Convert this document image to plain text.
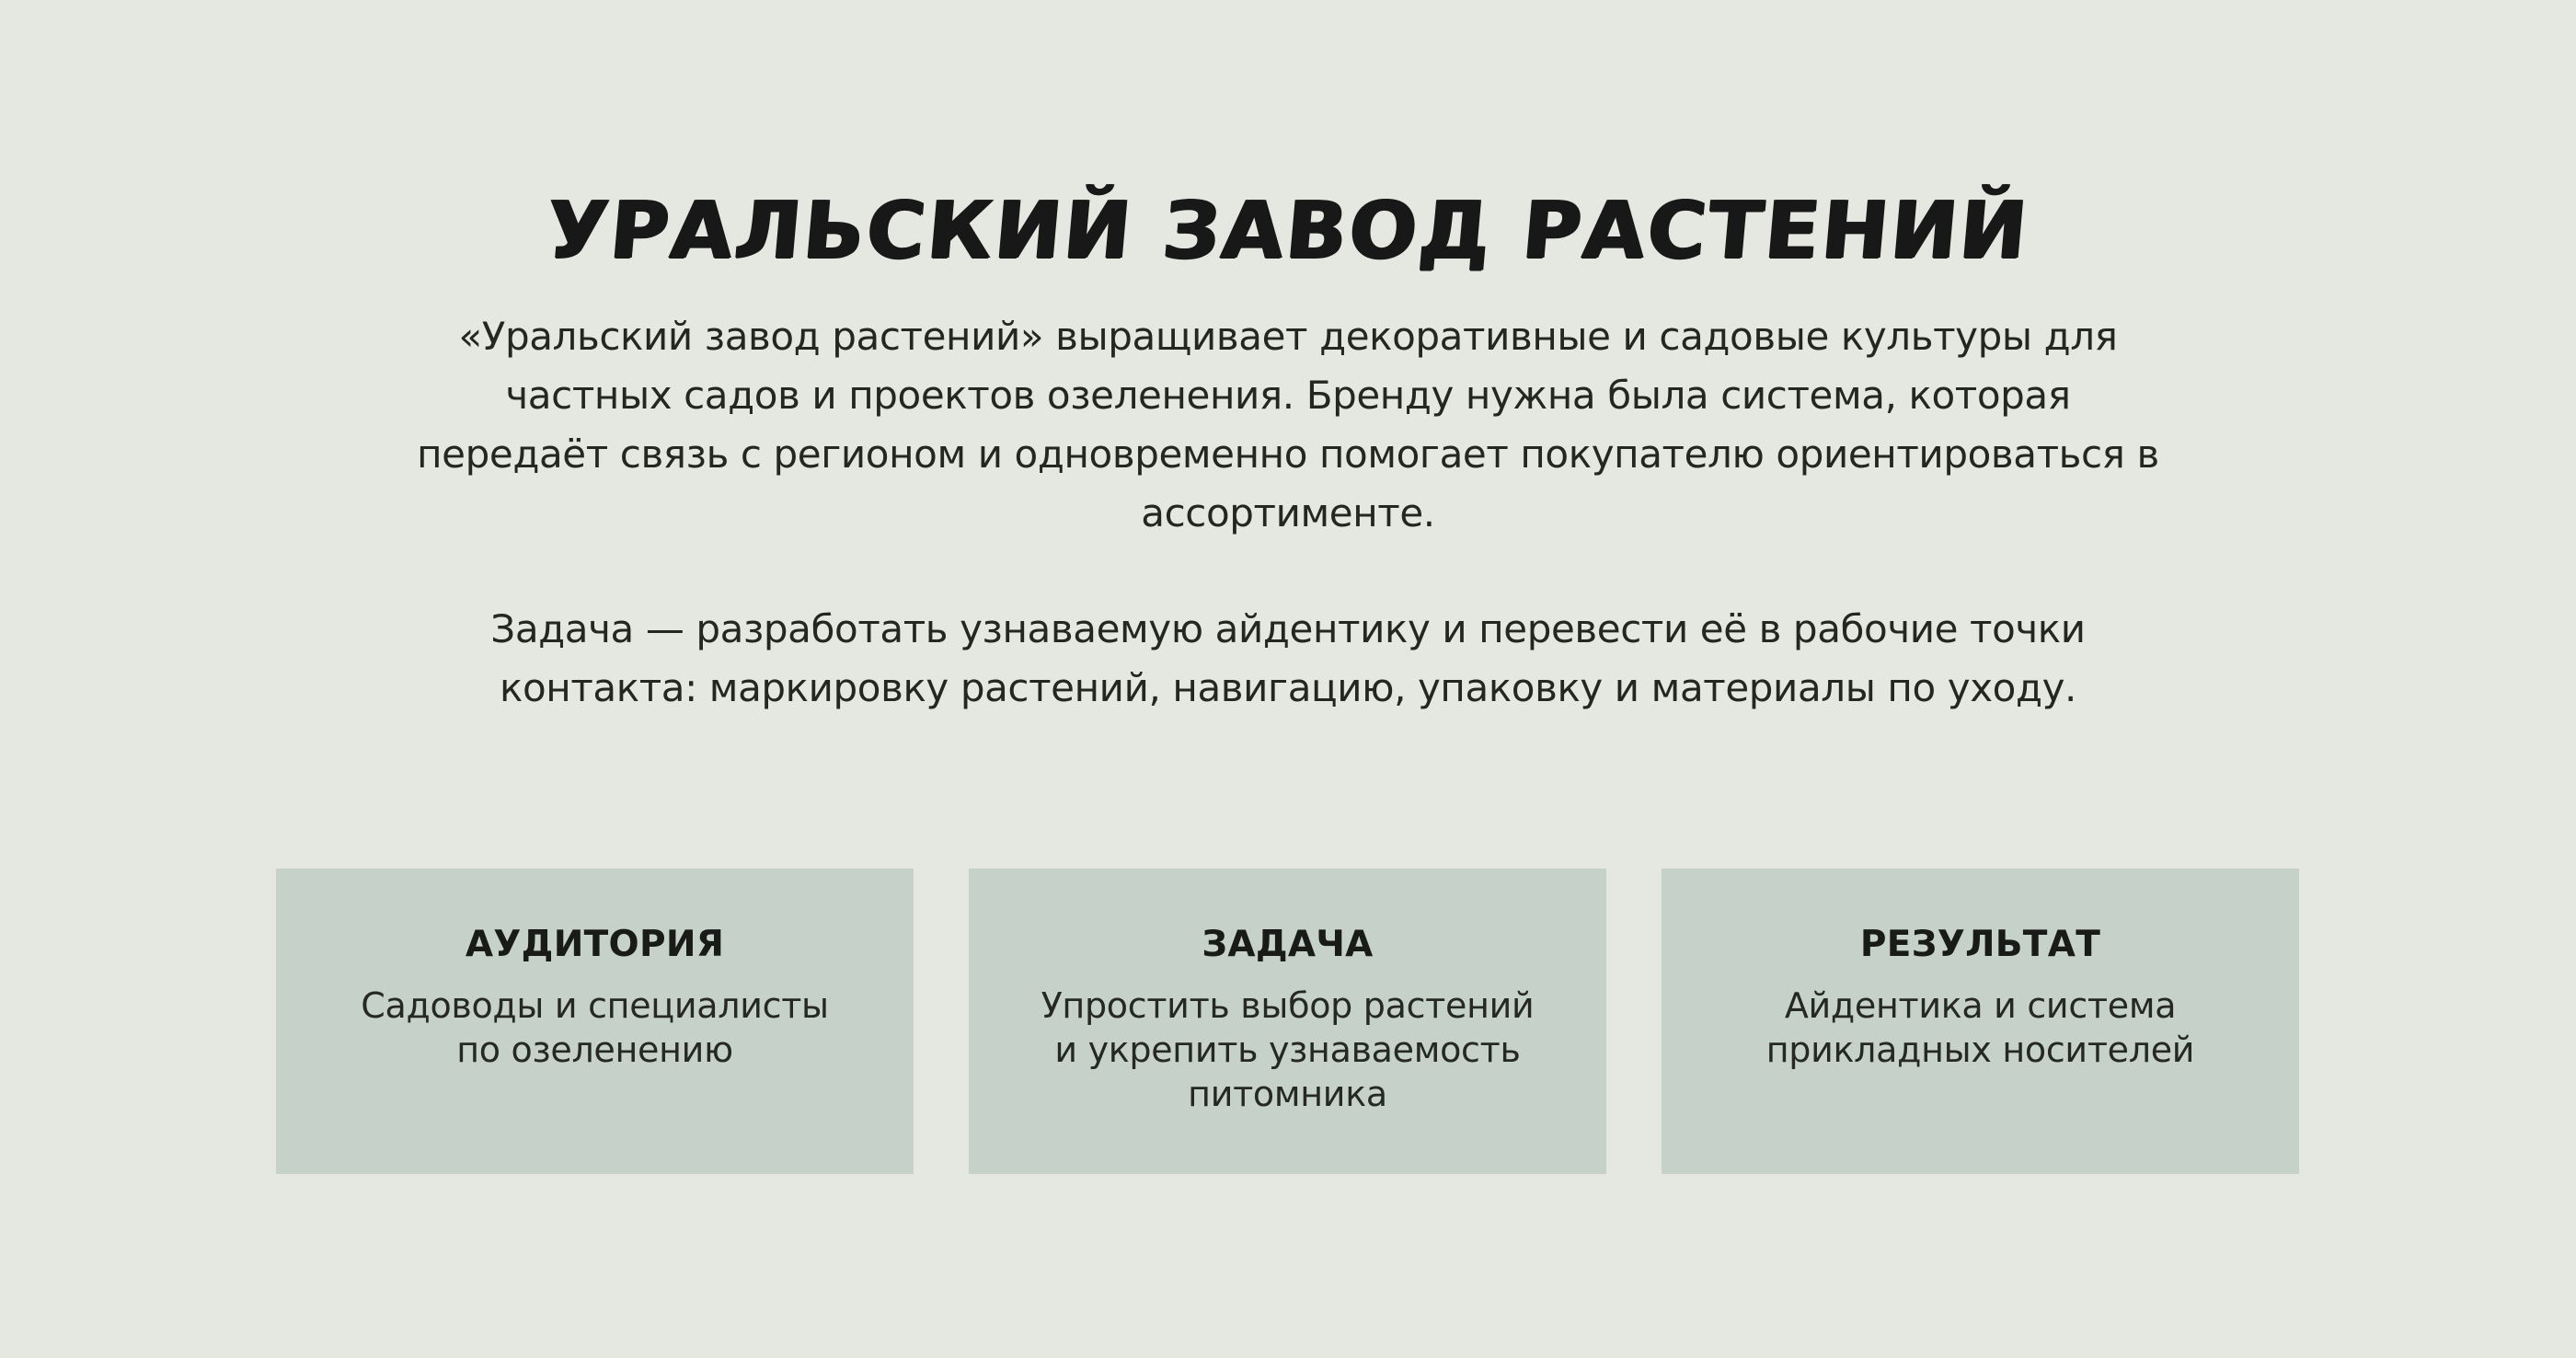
УРАЛЬСКИЙ ЗАВОД РАСТЕНИЙ

«Уральский завод растений» выращивает декоративные и садовые культуры для частных садов и проектов озеленения. Бренду нужна была система, которая передаёт связь с регионом и одновременно помогает покупателю ориентироваться в ассортименте.

Задача — разработать узнаваемую айдентику и перевести её в рабочие точки контакта: маркировку растений, навигацию, упаковку и материалы по уходу.

АУДИТОРИЯ

Садоводы и специалисты по озеленению

ЗАДАЧА

Упростить выбор растений и укрепить узнаваемость питомника

РЕЗУЛЬТАТ

Айдентика и система прикладных носителей
